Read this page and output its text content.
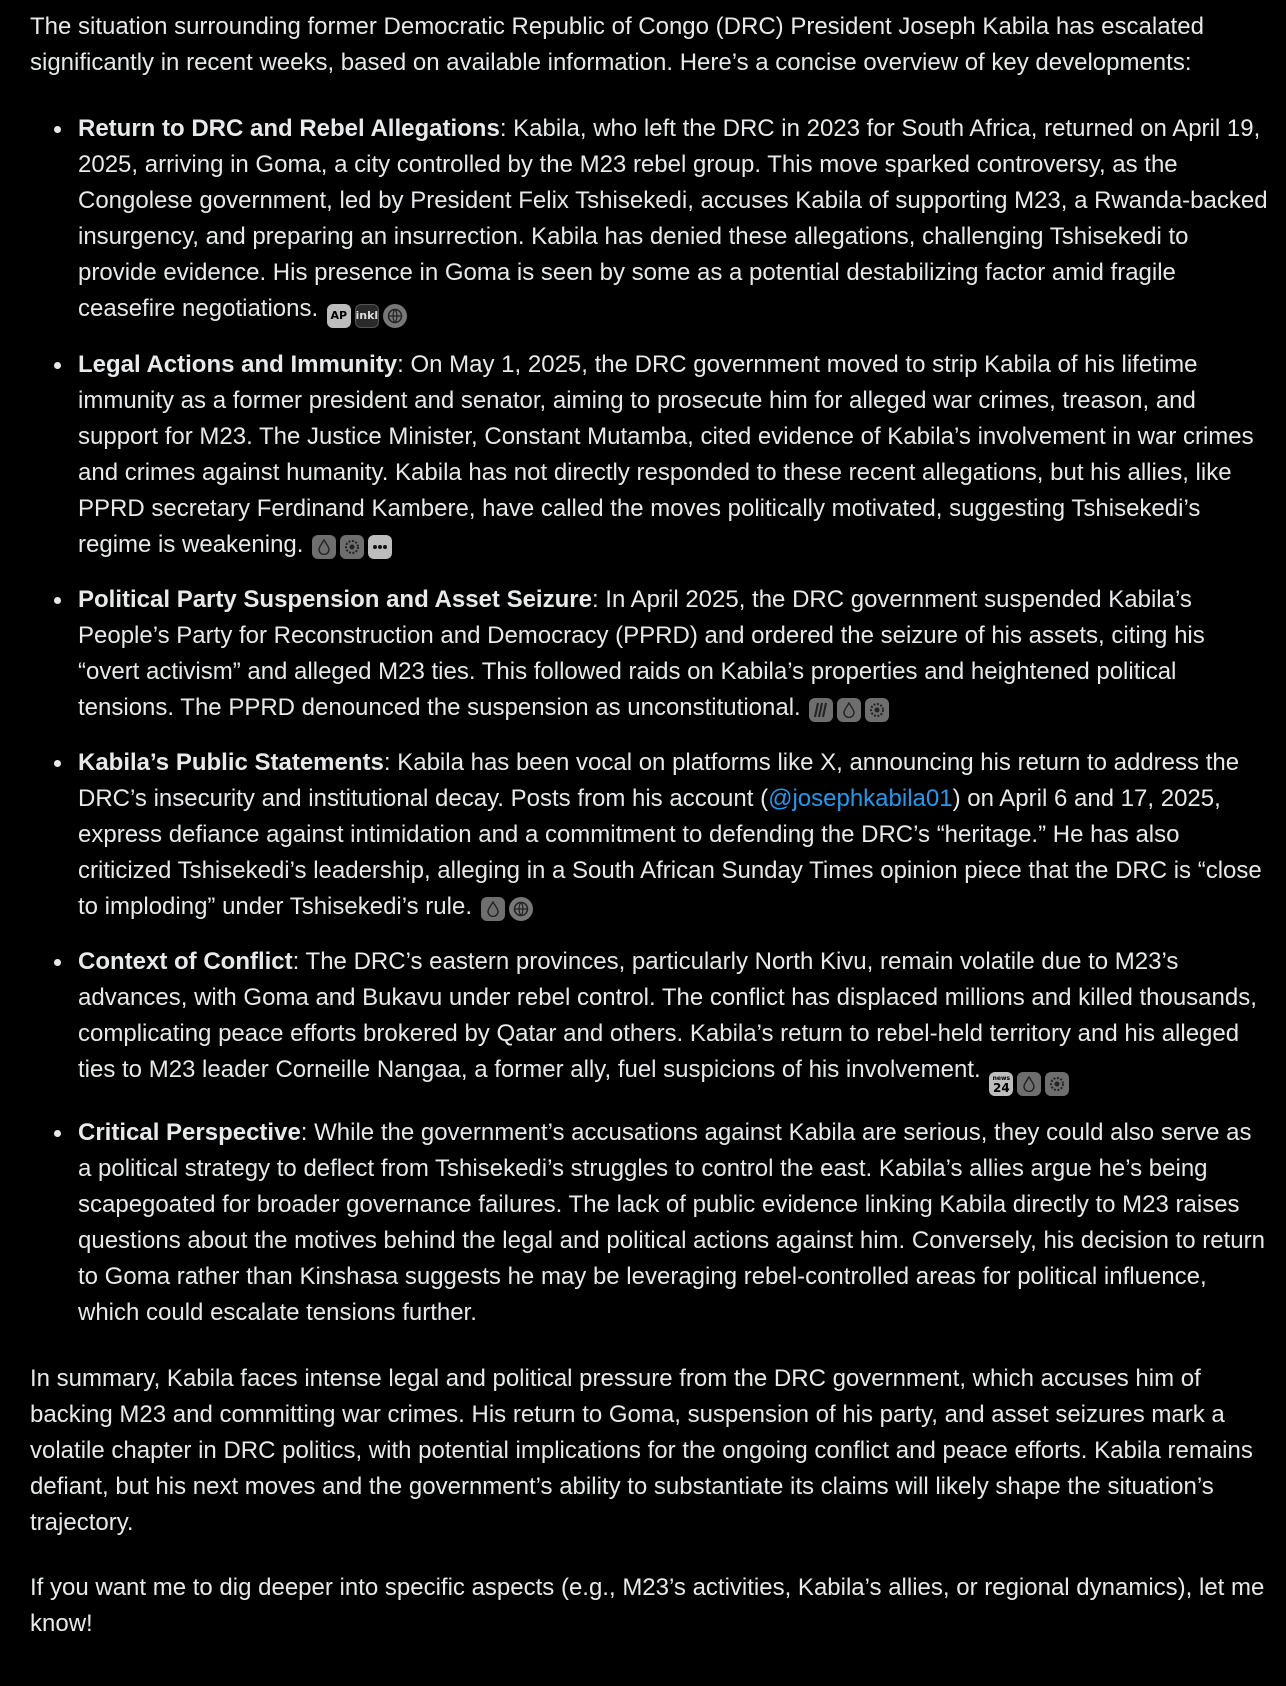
The situation surrounding former Democratic Republic of Congo (DRC) President Joseph Kabila has escalated significantly in recent weeks, based on available information. Here’s a concise overview of key developments:

Return to DRC and Rebel Allegations: Kabila, who left the DRC in 2023 for South Africa, returned on April 19, 2025, arriving in Goma, a city controlled by the M23 rebel group. This move sparked controversy, as the Congolese government, led by President Felix Tshisekedi, accuses Kabila of supporting M23, a Rwanda-backed insurgency, and preparing an insurrection. Kabila has denied these allegations, challenging Tshisekedi to provide evidence. His presence in Goma is seen by some as a potential destabilizing factor amid fragile ceasefire negotiations. AP inkl
Legal Actions and Immunity: On May 1, 2025, the DRC government moved to strip Kabila of his lifetime immunity as a former president and senator, aiming to prosecute him for alleged war crimes, treason, and support for M23. The Justice Minister, Constant Mutamba, cited evidence of Kabila’s involvement in war crimes and crimes against humanity. Kabila has not directly responded to these recent allegations, but his allies, like PPRD secretary Ferdinand Kambere, have called the moves politically motivated, suggesting Tshisekedi’s regime is weakening.
Political Party Suspension and Asset Seizure: In April 2025, the DRC government suspended Kabila’s People’s Party for Reconstruction and Democracy (PPRD) and ordered the seizure of his assets, citing his “overt activism” and alleged M23 ties. This followed raids on Kabila’s properties and heightened political tensions. The PPRD denounced the suspension as unconstitutional.
Kabila’s Public Statements: Kabila has been vocal on platforms like X, announcing his return to address the DRC’s insecurity and institutional decay. Posts from his account (@josephkabila01) on April 6 and 17, 2025, express defiance against intimidation and a commitment to defending the DRC’s “heritage.” He has also criticized Tshisekedi’s leadership, alleging in a South African Sunday Times opinion piece that the DRC is “close to imploding” under Tshisekedi’s rule.
Context of Conflict: The DRC’s eastern provinces, particularly North Kivu, remain volatile due to M23’s advances, with Goma and Bukavu under rebel control. The conflict has displaced millions and killed thousands, complicating peace efforts brokered by Qatar and others. Kabila’s return to rebel-held territory and his alleged ties to M23 leader Corneille Nangaa, a former ally, fuel suspicions of his involvement. news
24
Critical Perspective: While the government’s accusations against Kabila are serious, they could also serve as a political strategy to deflect from Tshisekedi’s struggles to control the east. Kabila’s allies argue he’s being scapegoated for broader governance failures. The lack of public evidence linking Kabila directly to M23 raises questions about the motives behind the legal and political actions against him. Conversely, his decision to return to Goma rather than Kinshasa suggests he may be leveraging rebel-controlled areas for political influence, which could escalate tensions further.

In summary, Kabila faces intense legal and political pressure from the DRC government, which accuses him of backing M23 and committing war crimes. His return to Goma, suspension of his party, and asset seizures mark a volatile chapter in DRC politics, with potential implications for the ongoing conflict and peace efforts. Kabila remains defiant, but his next moves and the government’s ability to substantiate its claims will likely shape the situation’s trajectory.

If you want me to dig deeper into specific aspects (e.g., M23’s activities, Kabila’s allies, or regional dynamics), let me know!
